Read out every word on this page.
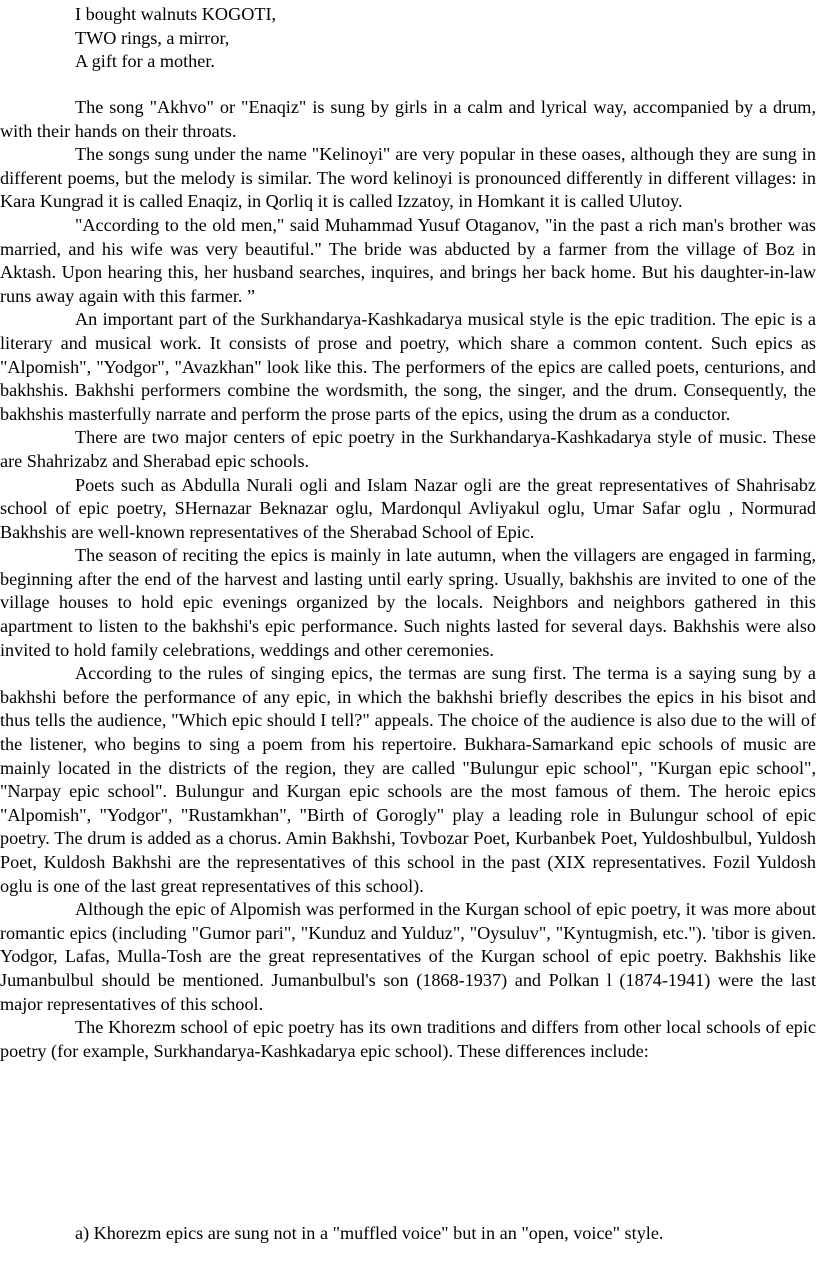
I bought walnuts KOGOTI,
TWO rings, a mirror,
A gift for a mother.

The song "Akhvo" or "Enaqiz" is sung by girls in a calm and lyrical way, accompanied by a drum, with their hands on their throats.

The songs sung under the name "Kelinoyi" are very popular in these oases, although they are sung in different poems, but the melody is similar. The word kelinoyi is pronounced differently in different villages: in Kara Kungrad it is called Enaqiz, in Qorliq it is called Izzatoy, in Homkant it is called Ulutoy.

"According to the old men," said Muhammad Yusuf Otaganov, "in the past a rich man's brother was married, and his wife was very beautiful." The bride was abducted by a farmer from the village of Boz in Aktash. Upon hearing this, her husband searches, inquires, and brings her back home. But his daughter-in-law runs away again with this farmer. ”

An important part of the Surkhandarya-Kashkadarya musical style is the epic tradition. The epic is a literary and musical work. It consists of prose and poetry, which share a common content. Such epics as "Alpomish", "Yodgor", "Avazkhan" look like this. The performers of the epics are called poets, centurions, and bakhshis. Bakhshi performers combine the wordsmith, the song, the singer, and the drum. Consequently, the bakhshis masterfully narrate and perform the prose parts of the epics, using the drum as a conductor.

There are two major centers of epic poetry in the Surkhandarya-Kashkadarya style of music. These are Shahrizabz and Sherabad epic schools.

Poets such as Abdulla Nurali ogli and Islam Nazar ogli are the great representatives of Shahrisabz school of epic poetry, SHernazar Beknazar oglu, Mardonqul Avliyakul oglu, Umar Safar oglu , Normurad Bakhshis are well-known representatives of the Sherabad School of Epic.

The season of reciting the epics is mainly in late autumn, when the villagers are engaged in farming, beginning after the end of the harvest and lasting until early spring. Usually, bakhshis are invited to one of the village houses to hold epic evenings organized by the locals. Neighbors and neighbors gathered in this apartment to listen to the bakhshi's epic performance. Such nights lasted for several days. Bakhshis were also invited to hold family celebrations, weddings and other ceremonies.

According to the rules of singing epics, the termas are sung first. The terma is a saying sung by a bakhshi before the performance of any epic, in which the bakhshi briefly describes the epics in his bisot and thus tells the audience, "Which epic should I tell?" appeals. The choice of the audience is also due to the will of the listener, who begins to sing a poem from his repertoire. Bukhara-Samarkand epic schools of music are mainly located in the districts of the region, they are called "Bulungur epic school", "Kurgan epic school", "Narpay epic school". Bulungur and Kurgan epic schools are the most famous of them. The heroic epics "Alpomish", "Yodgor", "Rustamkhan", "Birth of Gorogly" play a leading role in Bulungur school of epic poetry. The drum is added as a chorus. Amin Bakhshi, Tovbozar Poet, Kurbanbek Poet, Yuldoshbulbul, Yuldosh Poet, Kuldosh Bakhshi are the representatives of this school in the past (XIX representatives. Fozil Yuldosh oglu is one of the last great representatives of this school).

Although the epic of Alpomish was performed in the Kurgan school of epic poetry, it was more about romantic epics (including "Gumor pari", "Kunduz and Yulduz", "Oysuluv", "Kyntugmish, etc."). 'tibor is given. Yodgor, Lafas, Mulla-Tosh are the great representatives of the Kurgan school of epic poetry. Bakhshis like Jumanbulbul should be mentioned. Jumanbulbul's son (1868-1937) and Polkan l (1874-1941) were the last major representatives of this school.

The Khorezm school of epic poetry has its own traditions and differs from other local schools of epic poetry (for example, Surkhandarya-Kashkadarya epic school). These differences include:

a) Khorezm epics are sung not in a "muffled voice" but in an "open, voice" style.
